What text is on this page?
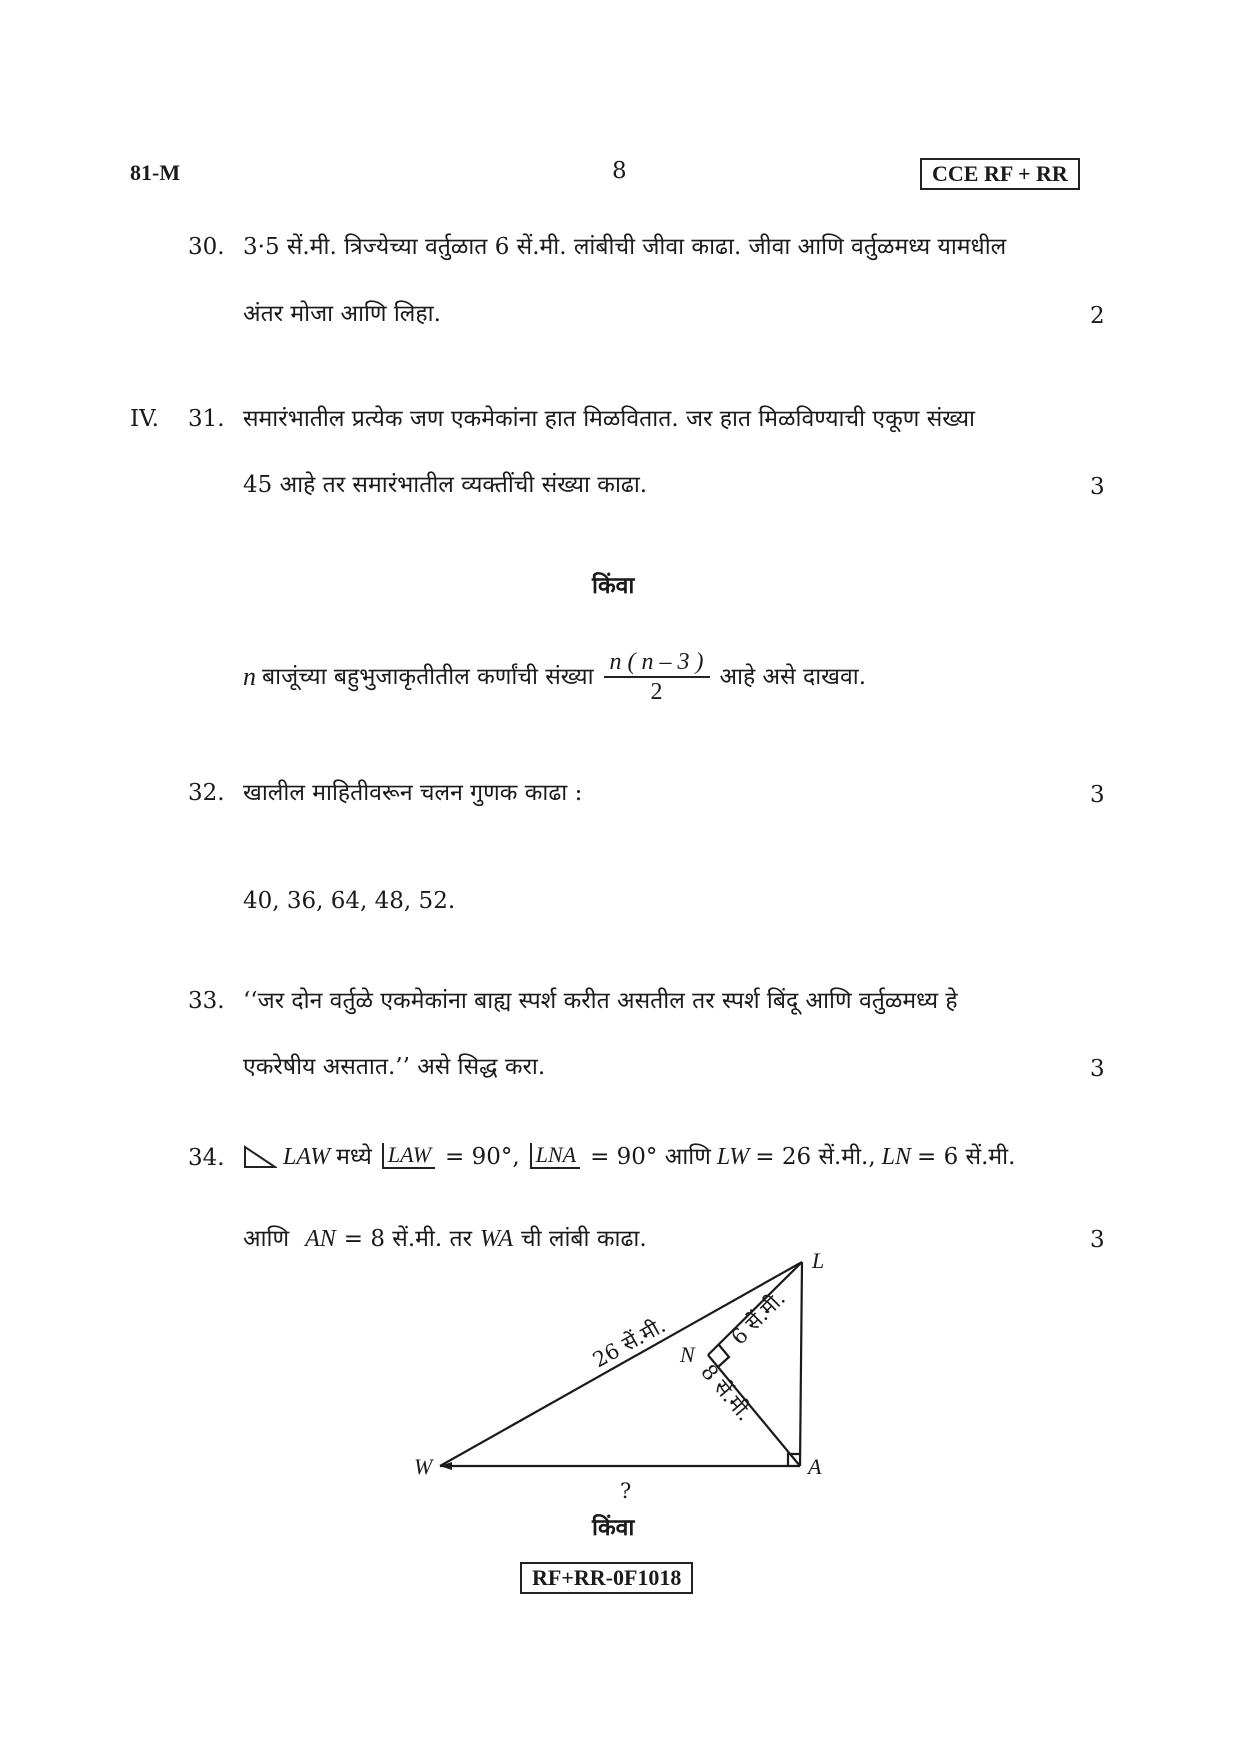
81-M	8	CCE RF + RR
30. 3·5 सें.मी. त्रिज्येच्या वर्तुळात 6 सें.मी. लांबीची जीवा काढा. जीवा आणि वर्तुळमध्य यामधील
अंतर मोजा आणि लिहा.	2
IV. 31. समारंभातील प्रत्येक जण एकमेकांना हात मिळवितात. जर हात मिळविण्याची एकूण संख्या
45 आहे तर समारंभातील व्यक्तींची संख्या काढा.	3
किंवा
n बाजूंच्या बहुभुजाकृतीतील कर्णांची संख्या $\frac{n ( n - 3 )}{2}$ आहे असे दाखवा.
32. खालील माहितीवरून चलन गुणक काढा :	3
40, 36, 64, 48, 52.
33. ‘‘जर दोन वर्तुळे एकमेकांना बाह्य स्पर्श करीत असतील तर स्पर्श बिंदू आणि वर्तुळमध्य हे
एकरेषीय असतात.’’ असे सिद्ध करा.	3
34. LAW मध्ये LAW = 90°, LNA = 90° आणि LW = 26 सें.मी., LN = 6 सें.मी.
आणि AN = 8 सें.मी. तर WA ची लांबी काढा.	3
L
A
W
N
26 सें.मी.	6 सें.मी.
8 सें.मी.
?
किंवा
RF+RR-0F1018
